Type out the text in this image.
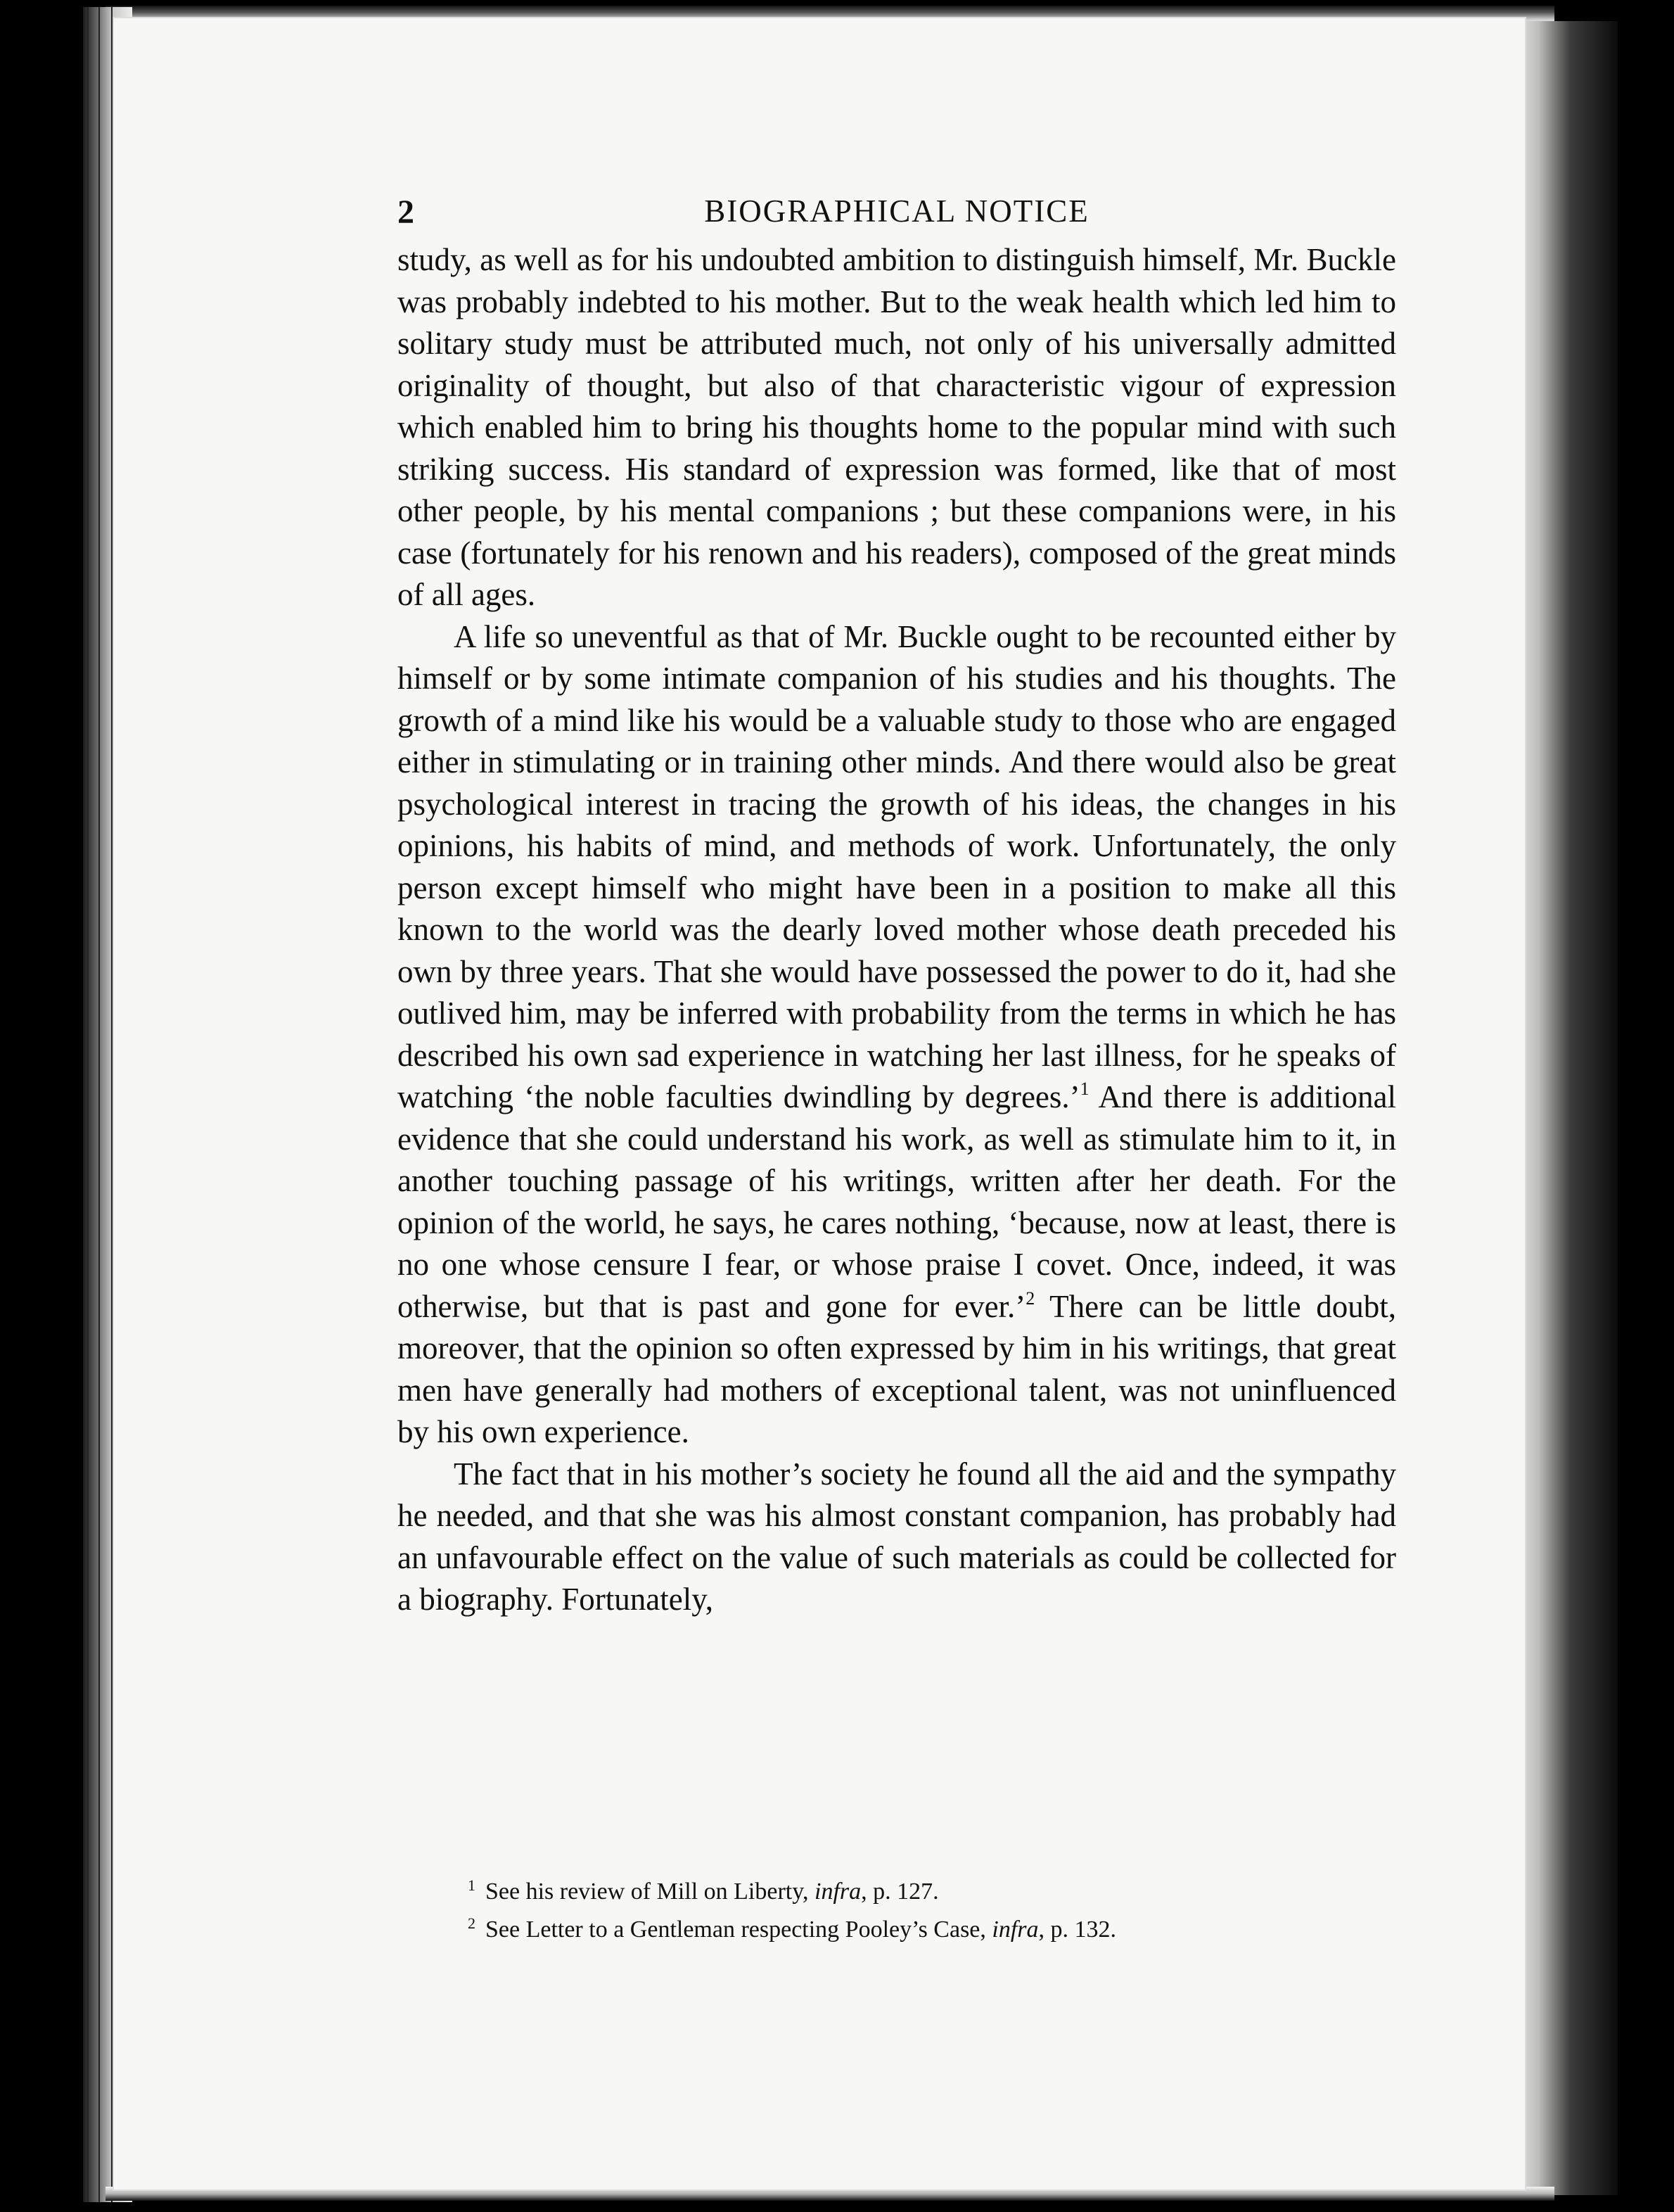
2	BIOGRAPHICAL NOTICE

study, as well as for his undoubted ambition to distinguish himself, Mr. Buckle was probably indebted to his mother. But to the weak health which led him to solitary study must be attributed much, not only of his universally admitted originality of thought, but also of that characteristic vigour of expression which enabled him to bring his thoughts home to the popular mind with such striking success. His standard of expression was formed, like that of most other people, by his mental companions ; but these companions were, in his case (fortunately for his renown and his readers), composed of the great minds of all ages.

A life so uneventful as that of Mr. Buckle ought to be recounted either by himself or by some intimate companion of his studies and his thoughts. The growth of a mind like his would be a valuable study to those who are engaged either in stimulating or in training other minds. And there would also be great psychological interest in tracing the growth of his ideas, the changes in his opinions, his habits of mind, and methods of work. Unfortunately, the only person except himself who might have been in a position to make all this known to the world was the dearly loved mother whose death preceded his own by three years. That she would have possessed the power to do it, had she outlived him, may be inferred with probability from the terms in which he has described his own sad experience in watching her last illness, for he speaks of watching ‘the noble faculties dwindling by degrees.’$^1$ And there is additional evidence that she could understand his work, as well as stimulate him to it, in another touching passage of his writings, written after her death. For the opinion of the world, he says, he cares nothing, ‘because, now at least, there is no one whose censure I fear, or whose praise I covet. Once, indeed, it was otherwise, but that is past and gone for ever.’$^2$ There can be little doubt, moreover, that the opinion so often expressed by him in his writings, that great men have generally had mothers of exceptional talent, was not uninfluenced by his own experience.

The fact that in his mother’s society he found all the aid and the sympathy he needed, and that she was his almost constant companion, has probably had an unfavourable effect on the value of such materials as could be collected for a biography. Fortunately,

$^1$ See his review of Mill on Liberty, infra, p. 127.

$^2$ See Letter to a Gentleman respecting Pooley’s Case, infra, p. 132.
